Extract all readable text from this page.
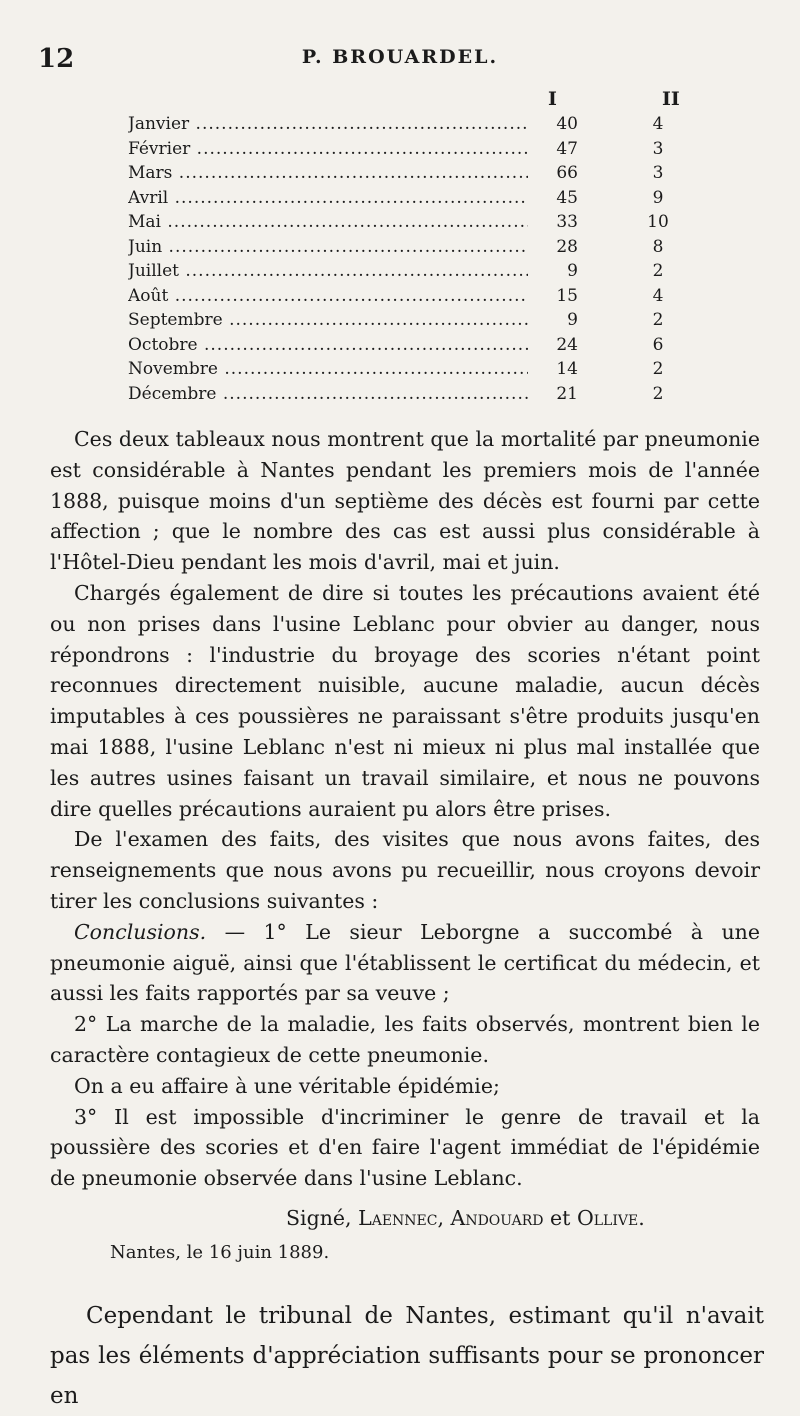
12	P. BROUARDEL.
I	II
Janvier .....	40	4
Février .....	47	3
Mars .....	66	3
Avril .....	45	9
Mai .....	33	10
Juin .....	28	8
Juillet .....	9	2
Août .....	15	4
Septembre .....	9	2
Octobre .....	24	6
Novembre .....	14	2
Décembre .....	21	2

Ces deux tableaux nous montrent que la mortalité par pneumonie est considérable à Nantes pendant les premiers mois de l'année 1888, puisque moins d'un septième des décès est fourni par cette affection ; que le nombre des cas est aussi plus considérable à l'Hôtel-Dieu pendant les mois d'avril, mai et juin.

Chargés également de dire si toutes les précautions avaient été ou non prises dans l'usine Leblanc pour obvier au danger, nous répondrons : l'industrie du broyage des scories n'étant point reconnues directement nuisible, aucune maladie, aucun décès imputables à ces poussières ne paraissant s'être produits jusqu'en mai 1888, l'usine Leblanc n'est ni mieux ni plus mal installée que les autres usines faisant un travail similaire, et nous ne pouvons dire quelles précautions auraient pu alors être prises.

De l'examen des faits, des visites que nous avons faites, des renseignements que nous avons pu recueillir, nous croyons devoir tirer les conclusions suivantes :

Conclusions. — 1° Le sieur Leborgne a succombé à une pneumonie aiguë, ainsi que l'établissent le certificat du médecin, et aussi les faits rapportés par sa veuve ;

2° La marche de la maladie, les faits observés, montrent bien le caractère contagieux de cette pneumonie.

On a eu affaire à une véritable épidémie;

3° Il est impossible d'incriminer le genre de travail et la poussière des scories et d'en faire l'agent immédiat de l'épidémie de pneumonie observée dans l'usine Leblanc.

Signé, Laennec, Andouard et Ollive.
Nantes, le 16 juin 1889.

Cependant le tribunal de Nantes, estimant qu'il n'avait pas les éléments d'appréciation suffisants pour se prononcer en
